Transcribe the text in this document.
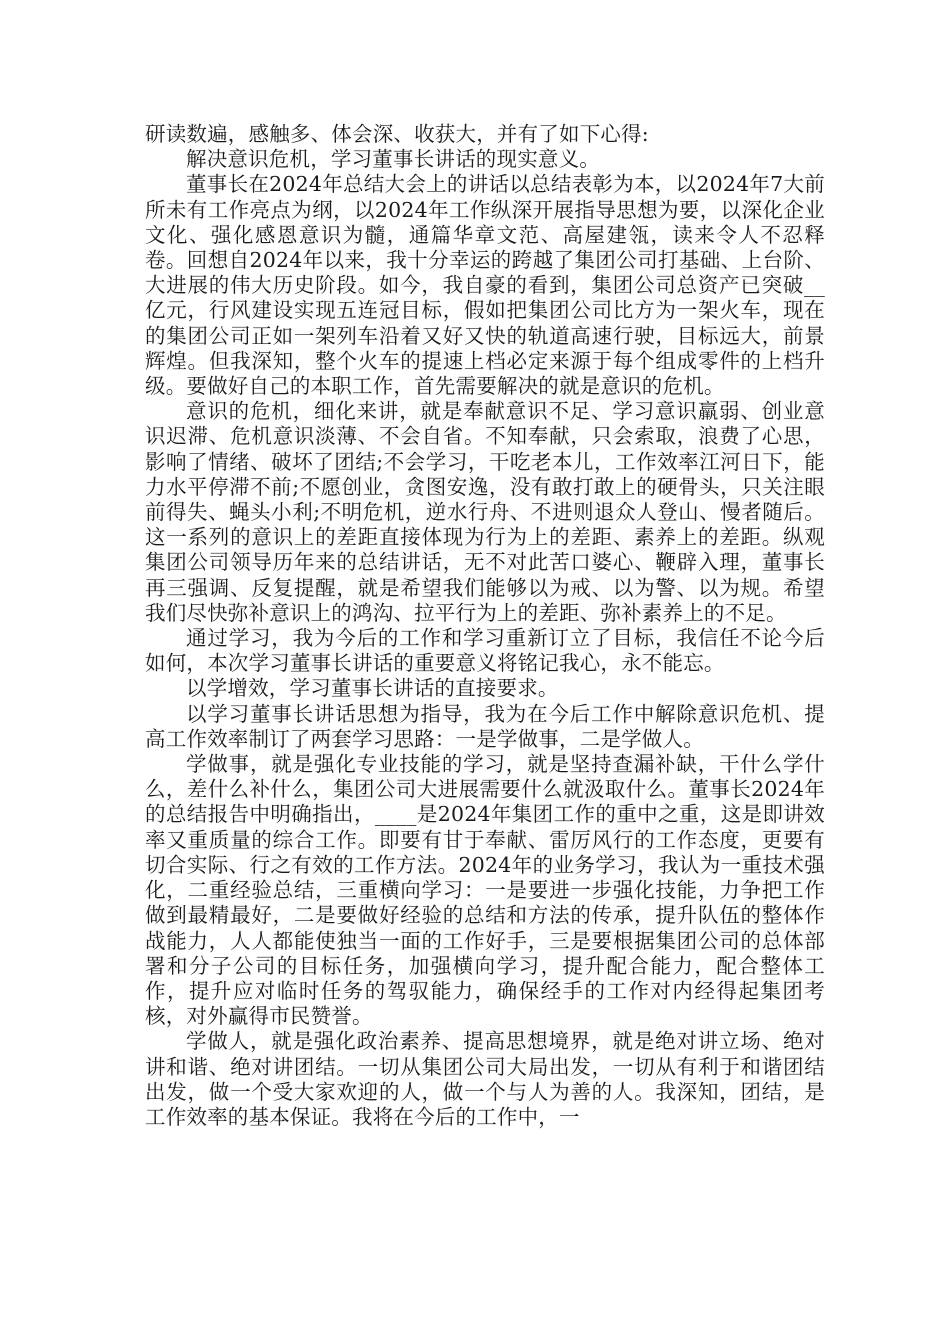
研读数遍，感触多、体会深、收获大，并有了如下心得:

解决意识危机，学习董事长讲话的现实意义。

董事长在2024年总结大会上的讲话以总结表彰为本，以2024年7大前所未有工作亮点为纲，以2024年工作纵深开展指导思想为要，以深化企业文化、强化感恩意识为髓，通篇华章文范、高屋建瓴，读来令人不忍释卷。回想自2024年以来，我十分幸运的跨越了集团公司打基础、上台阶、大进展的伟大历史阶段。如今，我自豪的看到，集团公司总资产已突破__亿元，行风建设实现五连冠目标，假如把集团公司比方为一架火车，现在的集团公司正如一架列车沿着又好又快的轨道高速行驶，目标远大，前景辉煌。但我深知，整个火车的提速上档必定来源于每个组成零件的上档升级。要做好自己的本职工作，首先需要解决的就是意识的危机。

意识的危机，细化来讲，就是奉献意识不足、学习意识羸弱、创业意识迟滞、危机意识淡薄、不会自省。不知奉献，只会索取，浪费了心思，影响了情绪、破坏了团结;不会学习，干吃老本儿，工作效率江河日下，能力水平停滞不前;不愿创业，贪图安逸，没有敢打敢上的硬骨头，只关注眼前得失、蝇头小利;不明危机，逆水行舟、不进则退众人登山、慢者随后。这一系列的意识上的差距直接体现为行为上的差距、素养上的差距。纵观集团公司领导历年来的总结讲话，无不对此苦口婆心、鞭辟入理，董事长再三强调、反复提醒，就是希望我们能够以为戒、以为警、以为规。希望我们尽快弥补意识上的鸿沟、拉平行为上的差距、弥补素养上的不足。

通过学习，我为今后的工作和学习重新订立了目标，我信任不论今后如何，本次学习董事长讲话的重要意义将铭记我心，永不能忘。

以学增效，学习董事长讲话的直接要求。

以学习董事长讲话思想为指导，我为在今后工作中解除意识危机、提高工作效率制订了两套学习思路：一是学做事，二是学做人。

学做事，就是强化专业技能的学习，就是坚持查漏补缺，干什么学什么，差什么补什么，集团公司大进展需要什么就汲取什么。董事长2024年的总结报告中明确指出，____是2024年集团工作的重中之重，这是即讲效率又重质量的综合工作。即要有甘于奉献、雷厉风行的工作态度，更要有切合实际、行之有效的工作方法。2024年的业务学习，我认为一重技术强化，二重经验总结，三重横向学习：一是要进一步强化技能，力争把工作做到最精最好，二是要做好经验的总结和方法的传承，提升队伍的整体作战能力，人人都能使独当一面的工作好手，三是要根据集团公司的总体部署和分子公司的目标任务，加强横向学习，提升配合能力，配合整体工作，提升应对临时任务的驾驭能力，确保经手的工作对内经得起集团考核，对外赢得市民赞誉。

学做人，就是强化政治素养、提高思想境界，就是绝对讲立场、绝对讲和谐、绝对讲团结。一切从集团公司大局出发，一切从有利于和谐团结出发，做一个受大家欢迎的人，做一个与人为善的人。我深知，团结，是工作效率的基本保证。我将在今后的工作中，一
